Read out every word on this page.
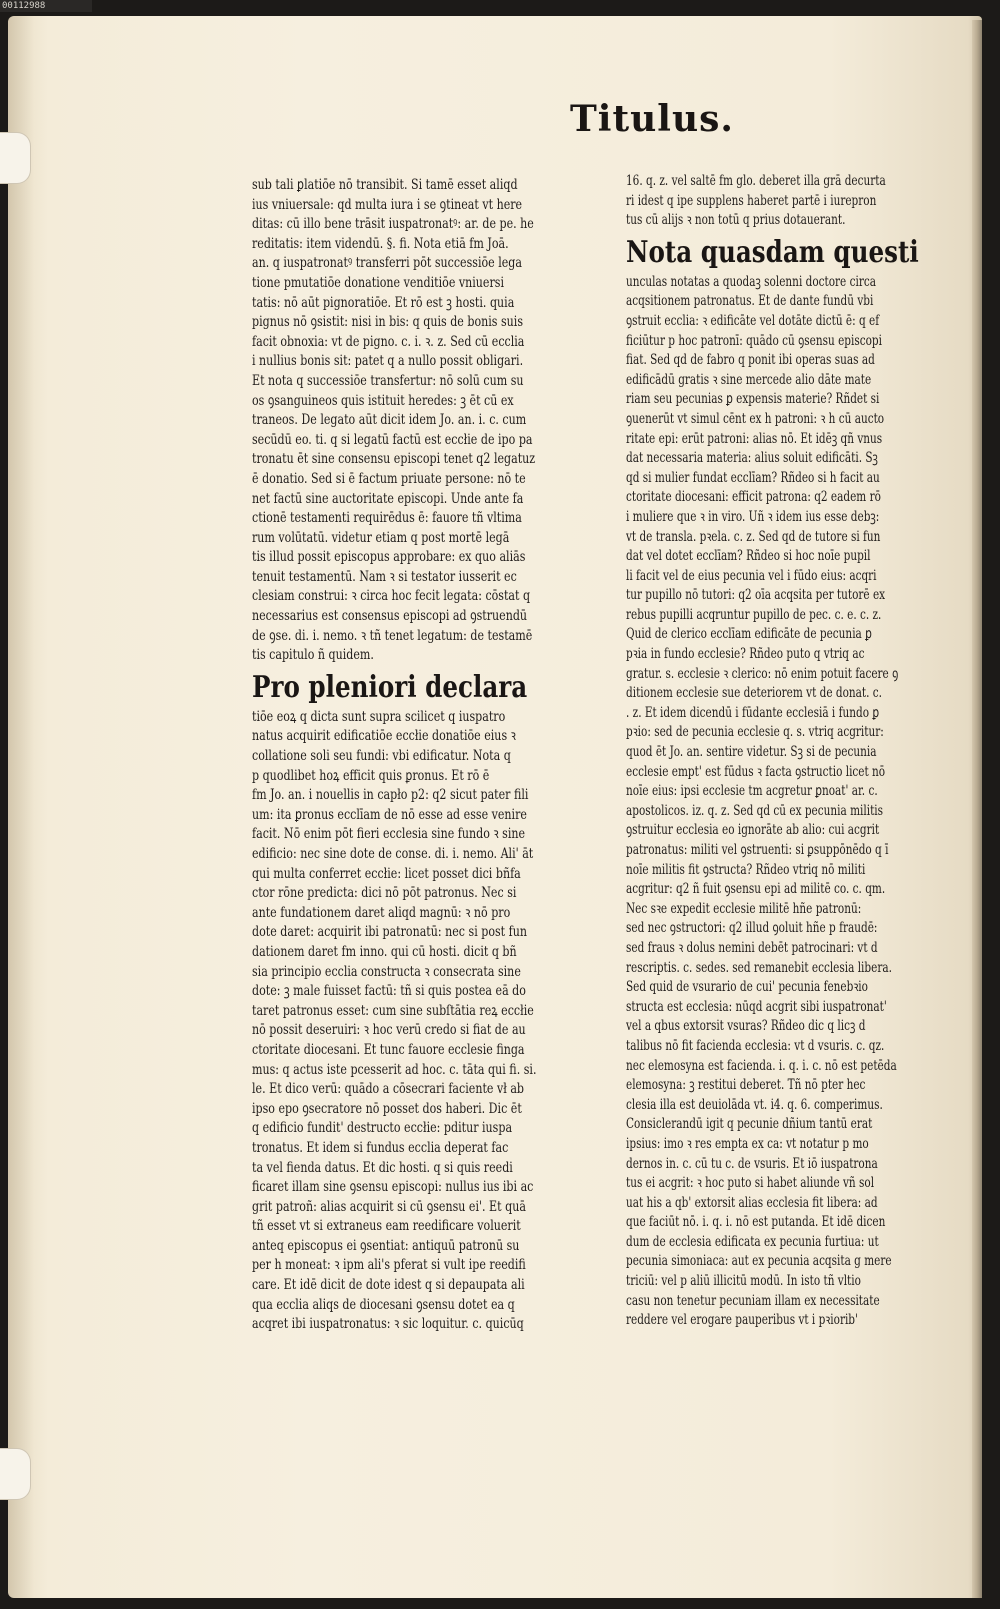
00112988
Titulus.
sub tali ꝑlatiōe nō transibit. Si tamē esset aliqd
ius vniuersale: qd multa iura i se ꝯtineat vt here
ditas: cū illo bene trāsit iuspatronatꝰ: ar. de pe. he
reditatis: item videndū. §. fi. Nota etiā fm Joā.
an. q iuspatronatꝰ transferri pōt successiōe lega
tione pmutatiōe donatione venditiōe vniuersi
tatis: nō aūt pignoratiōe. Et rō est ꝫ hosti. quia
pignus nō ꝯsistit: nisi in bis: q quis de bonis suis
facit obnoxia: vt de pigno. c. i. ꝛ. z. Sed cū ecclia
i nullius bonis sit: patet q a nullo possit obligari.
Et nota q successiōe transfertur: nō solū cum su
os ꝯsanguineos quis istituit heredes: ꝫ ēt cū ex
traneos. De legato aūt dicit idem Jo. an. i. c. cum
secūdū eo. ti. q si legatū factū est eccłie de ipo pa
tronatu ēt sine consensu episcopi tenet q2 legatuz
ē donatio. Sed si ē factum priuate persone: nō te
net factū sine auctoritate episcopi. Unde ante fa
ctionē testamenti requirēdus ē: fauore tñ vltima
rum volūtatū. videtur etiam q post mortē legā
tis illud possit episcopus approbare: ex quo aliās
tenuit testamentū. Nam ꝛ si testator iusserit ec
clesiam construi: ꝛ circa hoc fecit legata: cōstat q
necessarius est consensus episcopi ad ꝯstruendū
de ꝯse. di. i. nemo. ꝛ tñ tenet legatum: de testamē
tis capitulo ñ quidem.
Pro pleniori declara
tiōe eoꝝ q dicta sunt supra scilicet q iuspatro
natus acquirit edificatiōe eccłie donatiōe eius ꝛ
collatione soli seu fundi: vbi edificatur. Nota q
p quodlibet hoꝝ efficit quis ꝑronus. Et rō ē
fm Jo. an. i nouellis in capło p2: q2 sicut pater fili
um: ita ꝑronus ecclīam de nō esse ad esse venire
facit. Nō enim pōt fieri ecclesia sine fundo ꝛ sine
edificio: nec sine dote de conse. di. i. nemo. Ali' āt
qui multa conferret eccłie: licet posset dici bñfa
ctor rōne predicta: dici nō pōt patronus. Nec si
ante fundationem daret aliqd magnū: ꝛ nō pro
dote daret: acquirit ibi patronatū: nec si post fun
dationem daret fm inno. qui cū hosti. dicit q bñ
sia principio ecclia constructa ꝛ consecrata sine
dote: ꝫ male fuisset factū: tñ si quis postea eā do
taret patronus esset: cum sine subſtātia reꝝ eccłie
nō possit deseruiri: ꝛ hoc verū credo si fiat de au
ctoritate diocesani. Et tunc fauore ecclesie finga
mus: q actus iste pcesserit ad hoc. c. tāta qui fi. si.
le. Et dico verū: quādo a cōsecrari faciente vł ab
ipso epo ꝯsecratore nō posset dos haberi. Dic ēt
q edificio fundit' destructo eccłie: pditur iuspa
tronatus. Et idem si fundus ecclia deperat fac
ta vel fienda datus. Et dic hosti. q si quis reedi
ficaret illam sine ꝯsensu episcopi: nullus ius ibi ac
grit patroñ: alias acquirit si cū ꝯsensu ei'. Et quā
tñ esset vt si extraneus eam reedificare voluerit
anteq episcopus ei ꝯsentiat: antiquū patronū su
per h moneat: ꝛ ipm ali's pferat si vult ipe reedifi
care. Et idē dicit de dote idest q si depaupata ali
qua ecclia aliqs de diocesani ꝯsensu dotet ea q
acqret ibi iuspatronatus: ꝛ sic loquitur. c. quicūq
16. q. z. vel saltē fm glo. deberet illa grā decurta
ri idest q ipe supplens haberet partē i iurepron
tus cū alijs ꝛ non totū q prius dotauerant.
Nota quasdam questi
unculas notatas a quodaꝫ solenni doctore circa
acqsitionem patronatus. Et de dante fundū vbi
ꝯstruit ecclia: ꝛ edificāte vel dotāte dictū ē: q ef
ficiūtur p hoc patronī: quādo cū ꝯsensu episcopi
fiat. Sed qd de fabro q ponit ibi operas suas ad
edificādū gratis ꝛ sine mercede alio dāte mate
riam seu pecunias ꝑ expensis materie? Rñdet si
ꝯuenerūt vt simul cēnt ex h patroni: ꝛ h cū aucto
ritate epi: erūt patroni: alias nō. Et idēꝫ qñ vnus
dat necessaria materia: alius soluit edificāti. Sꝫ
qd si mulier fundat ecclīam? Rñdeo si h facit au
ctoritate diocesani: efficit patrona: q2 eadem rō
i muliere que ꝛ in viro. Uñ ꝛ idem ius esse debꝫ:
vt de transla. pꝛela. c. z. Sed qd de tutore si fun
dat vel dotet ecclīam? Rñdeo si hoc noīe pupil
li facit vel de eius pecunia vel i fūdo eius: acqri
tur pupillo nō tutori: q2 oīa acqsita per tutorē ex
rebus pupilli acqruntur pupillo de pec. c. e. c. z.
Quid de clerico ecclīam edificāte de pecunia ꝑ
pꝛia in fundo ecclesie? Rñdeo puto q vtriq ac
gratur. s. ecclesie ꝛ clerico: nō enim potuit facere ꝯ
ditionem ecclesie sue deteriorem vt de donat. c.
. z. Et idem dicendū i fūdante ecclesiā i fundo ꝑ
pꝛio: sed de pecunia ecclesie q. s. vtriq acgritur:
quod ēt Jo. an. sentire videtur. Sꝫ si de pecunia
ecclesie empt' est fūdus ꝛ facta ꝯstructio licet nō
noīe eius: ipsi ecclesie tm acgretur ꝑnoat' ar. c.
apostolicos. iz. q. z. Sed qd cū ex pecunia militis
ꝯstruitur ecclesia eo ignorāte ab alio: cui acgrit
patronatus: militi vel ꝯstruenti: si ꝑsuppōnēdo q ī
noīe militis fit ꝯstructa? Rñdeo vtriq nō militi
acgritur: q2 ñ fuit ꝯsensu epi ad militē co. c. qm.
Nec sꝛe expedit ecclesie militē hñe patronū:
sed nec ꝯstructori: q2 illud ꝯoluit hñe p fraudē:
sed fraus ꝛ dolus nemini debēt patrocinari: vt d
rescriptis. c. sedes. sed remanebit ecclesia libera.
Sed quid de vsurario de cui' pecunia fenebꝛio
structa est ecclesia: nūqd acgrit sibi iuspatronat'
vel a qbus extorsit vsuras? Rñdeo dic q licꝫ d
talibus nō fit facienda ecclesia: vt d vsuris. c. qz.
nec elemosyna est facienda. i. q. i. c. nō est petēda
elemosyna: ꝫ restitui deberet. Tñ nō pter hec
clesia illa est deuiolāda vt. i4. q. 6. comperimus.
Consiclerandū igit q pecunie dñium tantū erat
ipsius: imo ꝛ res empta ex ca: vt notatur p mo
dernos in. c. cū tu c. de vsuris. Et iō iuspatrona
tus ei acgrit: ꝛ hoc puto si habet aliunde vñ sol
uat his a qb' extorsit alias ecclesia fit libera: ad
que faciūt nō. i. q. i. nō est putanda. Et idē dicen
dum de ecclesia edificata ex pecunia furtiua: ut
pecunia simoniaca: aut ex pecunia acqsita g mere
triciū: vel p aliū illicitū modū. In isto tñ vltio
casu non tenetur pecuniam illam ex necessitate
reddere vel erogare pauperibus vt i pꝛiorib'
